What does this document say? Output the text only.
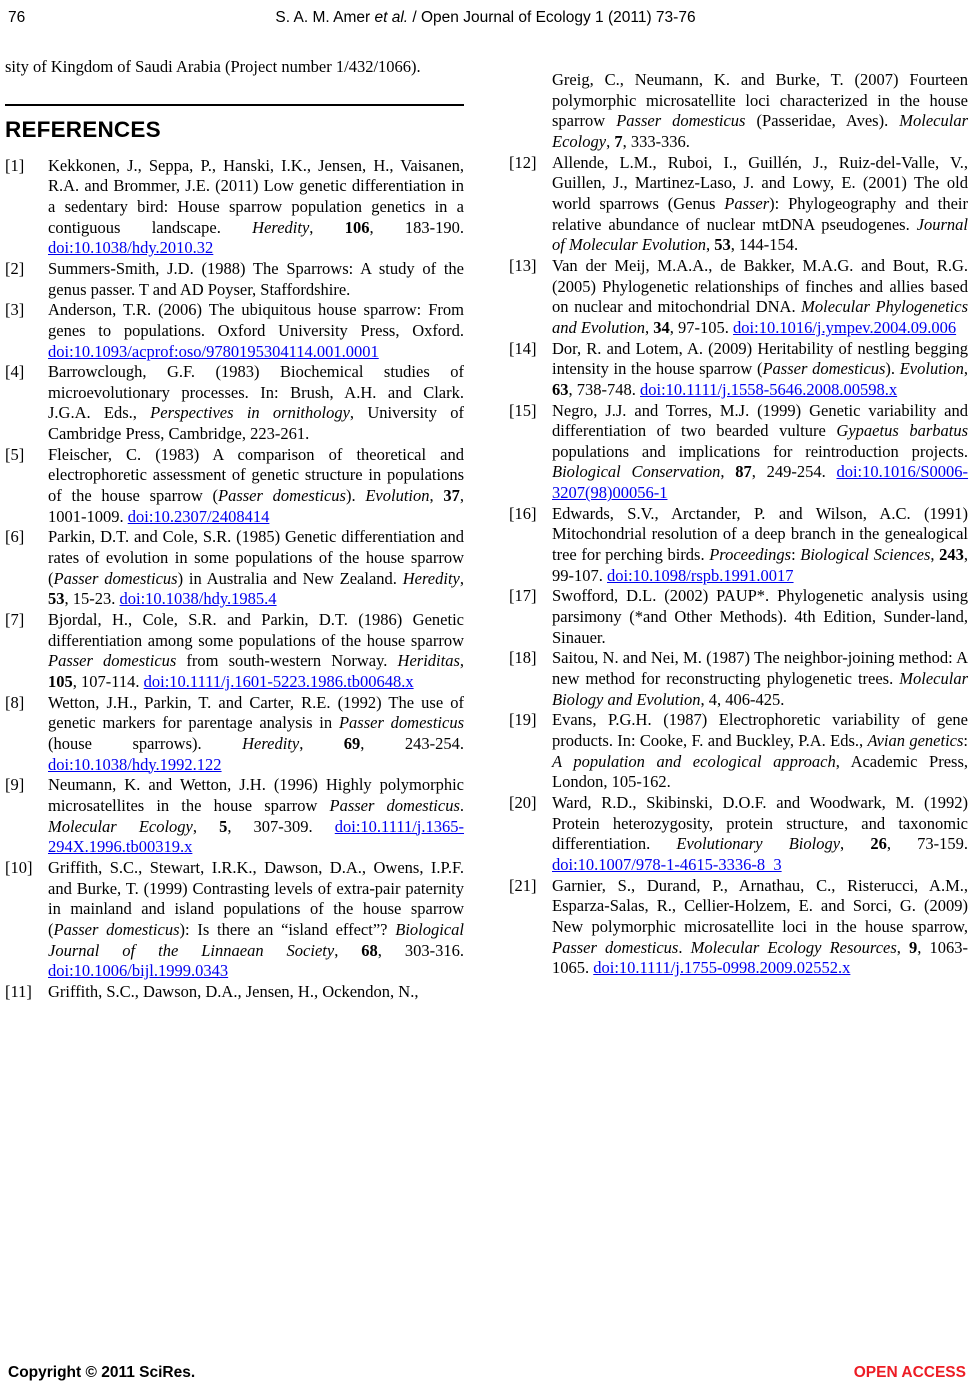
76	S. A. M. Amer et al. / Open Journal of Ecology 1 (2011) 73-76

sity of Kingdom of Saudi Arabia (Project number 1/432/1066).

REFERENCES
[1]	Kekkonen, J., Seppa, P., Hanski, I.K., Jensen, H., Vaisanen, R.A. and Brommer, J.E. (2011) Low genetic differentiation in a sedentary bird: House sparrow population genetics in a contiguous landscape. Heredity, 106, 183-190. doi:10.1038/hdy.2010.32
[2]	Summers-Smith, J.D. (1988) The Sparrows: A study of the genus passer. T and AD Poyser, Staffordshire.
[3]	Anderson, T.R. (2006) The ubiquitous house sparrow: From genes to populations. Oxford University Press, Oxford. doi:10.1093/acprof:oso/9780195304114.001.0001
[4]	Barrowclough, G.F. (1983) Biochemical studies of microevolutionary processes. In: Brush, A.H. and Clark. J.G.A. Eds., Perspectives in ornithology, University of Cambridge Press, Cambridge, 223-261.
[5]	Fleischer, C. (1983) A comparison of theoretical and electrophoretic assessment of genetic structure in populations of the house sparrow (Passer domesticus). Evolution, 37, 1001-1009. doi:10.2307/2408414
[6]	Parkin, D.T. and Cole, S.R. (1985) Genetic differentiation and rates of evolution in some populations of the house sparrow (Passer domesticus) in Australia and New Zealand. Heredity, 53, 15-23. doi:10.1038/hdy.1985.4
[7]	Bjordal, H., Cole, S.R. and Parkin, D.T. (1986) Genetic differentiation among some populations of the house sparrow Passer domesticus from south-western Norway. Heriditas, 105, 107-114. doi:10.1111/j.1601-5223.1986.tb00648.x
[8]	Wetton, J.H., Parkin, T. and Carter, R.E. (1992) The use of genetic markers for parentage analysis in Passer domesticus (house sparrows). Heredity, 69, 243-254. doi:10.1038/hdy.1992.122
[9]	Neumann, K. and Wetton, J.H. (1996) Highly polymorphic microsatellites in the house sparrow Passer domesticus. Molecular Ecology, 5, 307-309. doi:10.1111/j.1365-294X.1996.tb00319.x
[10] Griffith, S.C., Stewart, I.R.K., Dawson, D.A., Owens, I.P.F. and Burke, T. (1999) Contrasting levels of extra-pair paternity in mainland and island populations of the house sparrow (Passer domesticus): Is there an “island effect”? Biological Journal of the Linnaean Society, 68, 303-316. doi:10.1006/bijl.1999.0343
[11] Griffith, S.C., Dawson, D.A., Jensen, H., Ockendon, N.,
Greig, C., Neumann, K. and Burke, T. (2007) Fourteen polymorphic microsatellite loci characterized in the house sparrow Passer domesticus (Passeridae, Aves). Molecular Ecology, 7, 333-336.
[12] Allende, L.M., Ruboi, I., Guillén, J., Ruiz-del-Valle, V., Guillen, J., Martinez-Laso, J. and Lowy, E. (2001) The old world sparrows (Genus Passer): Phylogeography and their relative abundance of nuclear mtDNA pseudogenes. Journal of Molecular Evolution, 53, 144-154.
[13] Van der Meij, M.A.A., de Bakker, M.A.G. and Bout, R.G. (2005) Phylogenetic relationships of finches and allies based on nuclear and mitochondrial DNA. Molecular Phylogenetics and Evolution, 34, 97-105. doi:10.1016/j.ympev.2004.09.006
[14] Dor, R. and Lotem, A. (2009) Heritability of nestling begging intensity in the house sparrow (Passer domesticus). Evolution, 63, 738-748. doi:10.1111/j.1558-5646.2008.00598.x
[15] Negro, J.J. and Torres, M.J. (1999) Genetic variability and differentiation of two bearded vulture Gypaetus barbatus populations and implications for reintroduction projects. Biological Conservation, 87, 249-254. doi:10.1016/S0006-3207(98)00056-1
[16] Edwards, S.V., Arctander, P. and Wilson, A.C. (1991) Mitochondrial resolution of a deep branch in the genealogical tree for perching birds. Proceedings: Biological Sciences, 243, 99-107. doi:10.1098/rspb.1991.0017
[17] Swofford, D.L. (2002) PAUP*. Phylogenetic analysis using parsimony (*and Other Methods). 4th Edition, Sunder-land, Sinauer.
[18] Saitou, N. and Nei, M. (1987) The neighbor-joining method: A new method for reconstructing phylogenetic trees. Molecular Biology and Evolution, 4, 406-425.
[19] Evans, P.G.H. (1987) Electrophoretic variability of gene products. In: Cooke, F. and Buckley, P.A. Eds., Avian genetics: A population and ecological approach, Academic Press, London, 105-162.
[20] Ward, R.D., Skibinski, D.O.F. and Woodwark, M. (1992) Protein heterozygosity, protein structure, and taxonomic differentiation. Evolutionary Biology, 26, 73-159. doi:10.1007/978-1-4615-3336-8_3
[21] Garnier, S., Durand, P., Arnathau, C., Risterucci, A.M., Esparza-Salas, R., Cellier-Holzem, E. and Sorci, G. (2009) New polymorphic microsatellite loci in the house sparrow, Passer domesticus. Molecular Ecology Resources, 9, 1063-1065. doi:10.1111/j.1755-0998.2009.02552.x
Copyright © 2011 SciRes.	OPEN ACCESS
